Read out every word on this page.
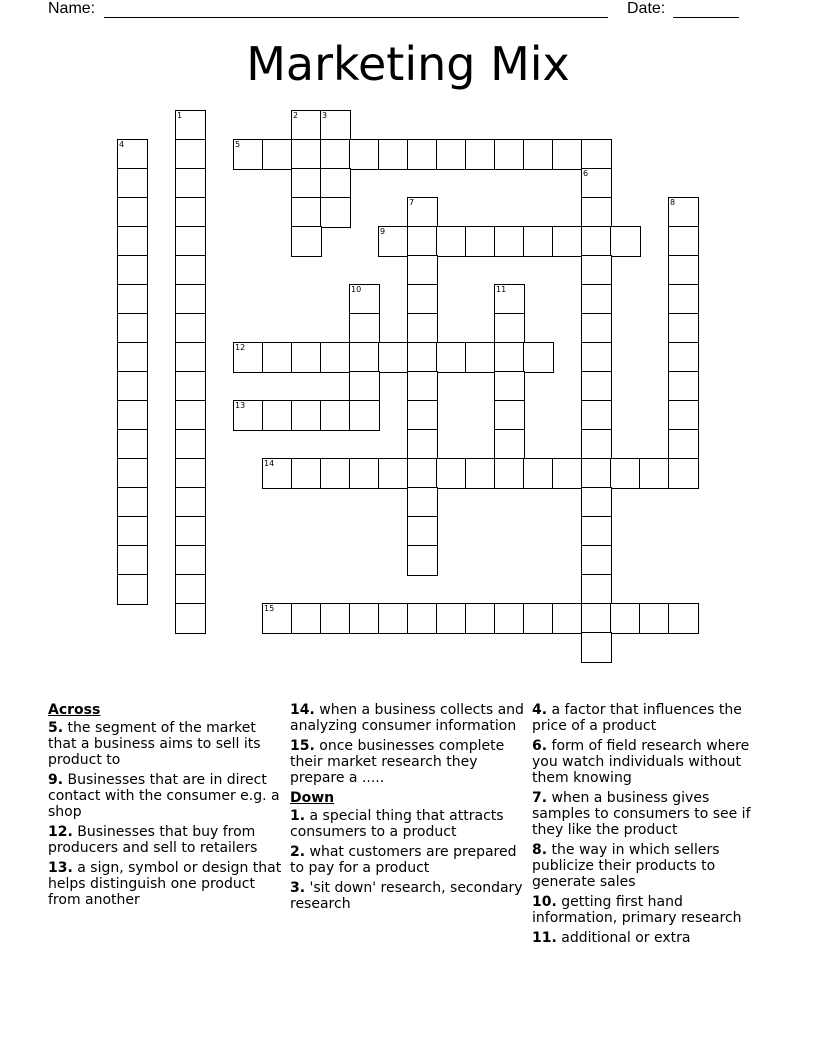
Name:	Date:
Marketing Mix
1	2	3
4	5
6
7	8
9
10	11
12
13
14
15
Across
5. the segment of the market that a business aims to sell its product to
9. Businesses that are in direct contact with the consumer e.g. a shop
12. Businesses that buy from producers and sell to retailers
13. a sign, symbol or design that helps distinguish one product from another
14. when a business collects and analyzing consumer information
15. once businesses complete their market research they prepare a .....
Down
1. a special thing that attracts consumers to a product
2. what customers are prepared to pay for a product
3. 'sit down' research, secondary research
4. a factor that influences the price of a product
6. form of field research where you watch individuals without them knowing
7. when a business gives samples to consumers to see if they like the product
8. the way in which sellers publicize their products to generate sales
10. getting first hand information, primary research
11. additional or extra
